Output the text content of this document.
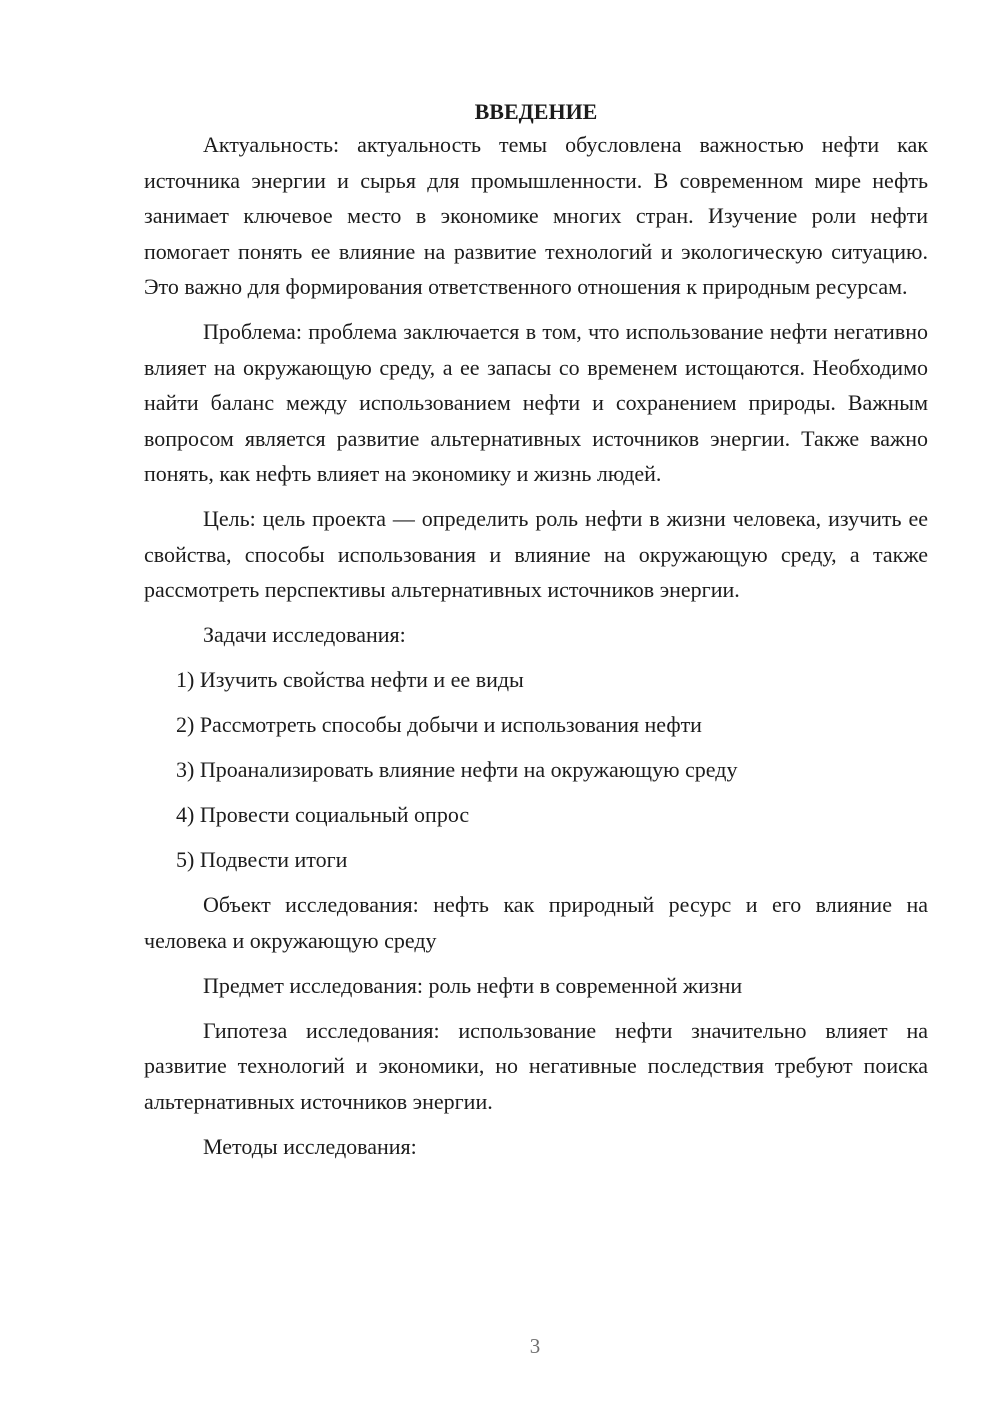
ВВЕДЕНИЕ

Актуальность: актуальность темы обусловлена важностью нефти как источника энергии и сырья для промышленности. В современном мире нефть занимает ключевое место в экономике многих стран. Изучение роли нефти помогает понять ее влияние на развитие технологий и экологическую ситуацию. Это важно для формирования ответственного отношения к природным ресурсам.

Проблема: проблема заключается в том, что использование нефти негативно влияет на окружающую среду, а ее запасы со временем истощаются. Необходимо найти баланс между использованием нефти и сохранением природы. Важным вопросом является развитие альтернативных источников энергии. Также важно понять, как нефть влияет на экономику и жизнь людей.

Цель: цель проекта — определить роль нефти в жизни человека, изучить ее свойства, способы использования и влияние на окружающую среду, а также рассмотреть перспективы альтернативных источников энергии.

Задачи исследования:

1) Изучить свойства нефти и ее виды
2) Рассмотреть способы добычи и использования нефти
3) Проанализировать влияние нефти на окружающую среду
4) Провести социальный опрос
5) Подвести итоги

Объект исследования: нефть как природный ресурс и его влияние на человека и окружающую среду

Предмет исследования: роль нефти в современной жизни

Гипотеза исследования: использование нефти значительно влияет на развитие технологий и экономики, но негативные последствия требуют поиска альтернативных источников энергии.

Методы исследования:

3
